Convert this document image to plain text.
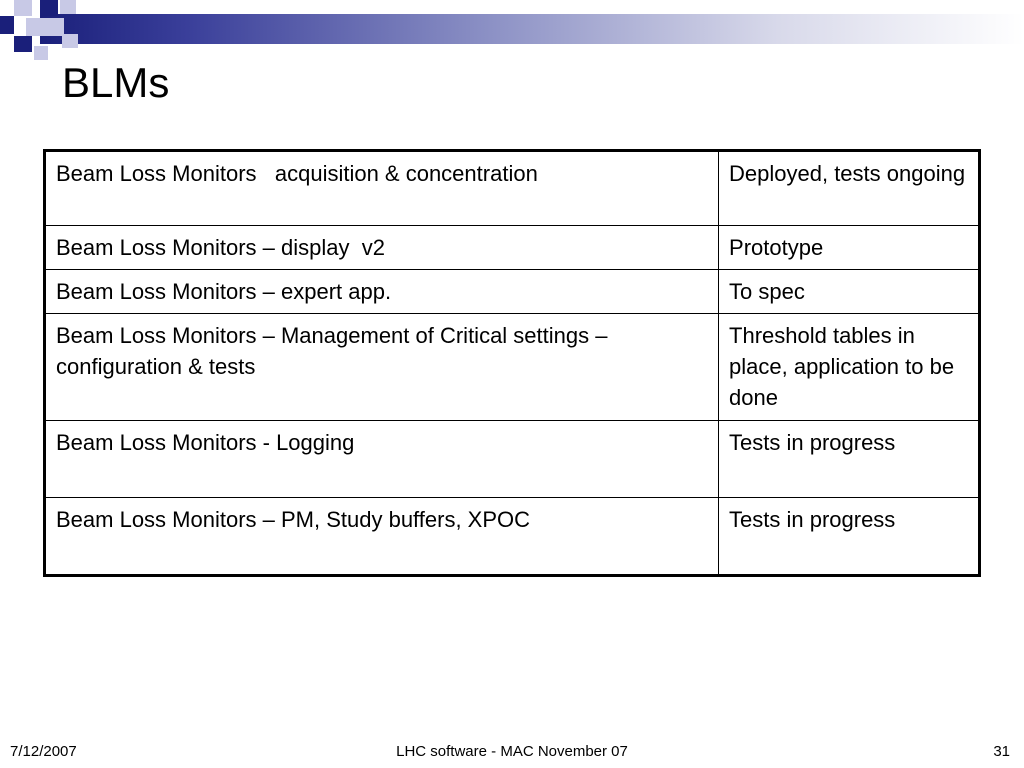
BLMs
Beam Loss Monitors   acquisition & concentration	Deployed, tests ongoing
Beam Loss Monitors – display  v2	Prototype
Beam Loss Monitors – expert app.	To spec
Beam Loss Monitors – Management of Critical settings – configuration & tests	Threshold tables in place, application to be done
Beam Loss Monitors - Logging	Tests in progress
Beam Loss Monitors – PM, Study buffers, XPOC	Tests in progress
7/12/2007	LHC software - MAC November 07	31
